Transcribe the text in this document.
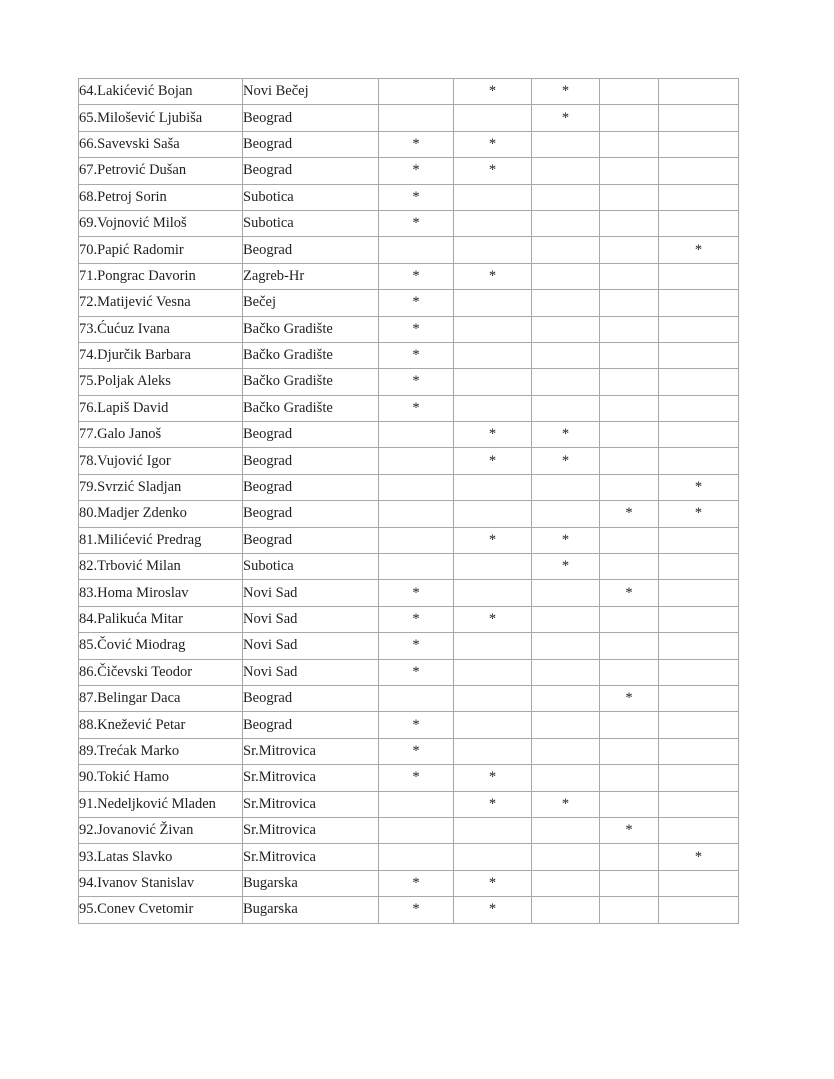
64.Lakićević Bojan	Novi Bečej		*	*		
65.Milošević Ljubiša	Beograd			*		
66.Savevski Saša	Beograd	*	*			
67.Petrović Dušan	Beograd	*	*			
68.Petroj Sorin	Subotica	*				
69.Vojnović Miloš	Subotica	*				
70.Papić Radomir	Beograd					*
71.Pongrac Davorin	Zagreb-Hr	*	*			
72.Matijević Vesna	Bečej	*				
73.Ćućuz Ivana	Bačko Gradište	*				
74.Djurčik Barbara	Bačko Gradište	*				
75.Poljak Aleks	Bačko Gradište	*				
76.Lapiš David	Bačko Gradište	*				
77.Galo Janoš	Beograd		*	*		
78.Vujović Igor	Beograd		*	*		
79.Svrzić Sladjan	Beograd					*
80.Madjer Zdenko	Beograd				*	*
81.Milićević Predrag	Beograd		*	*		
82.Trbović Milan	Subotica			*		
83.Homa Miroslav	Novi Sad	*			*	
84.Palikuća Mitar	Novi Sad	*	*			
85.Čović Miodrag	Novi Sad	*				
86.Čičevski Teodor	Novi Sad	*				
87.Belingar Daca	Beograd				*	
88.Knežević Petar	Beograd	*				
89.Trećak Marko	Sr.Mitrovica	*				
90.Tokić Hamo	Sr.Mitrovica	*	*			
91.Nedeljković Mladen	Sr.Mitrovica		*	*		
92.Jovanović Živan	Sr.Mitrovica				*	
93.Latas Slavko	Sr.Mitrovica					*
94.Ivanov Stanislav	Bugarska	*	*			
95.Conev Cvetomir	Bugarska	*	*			
